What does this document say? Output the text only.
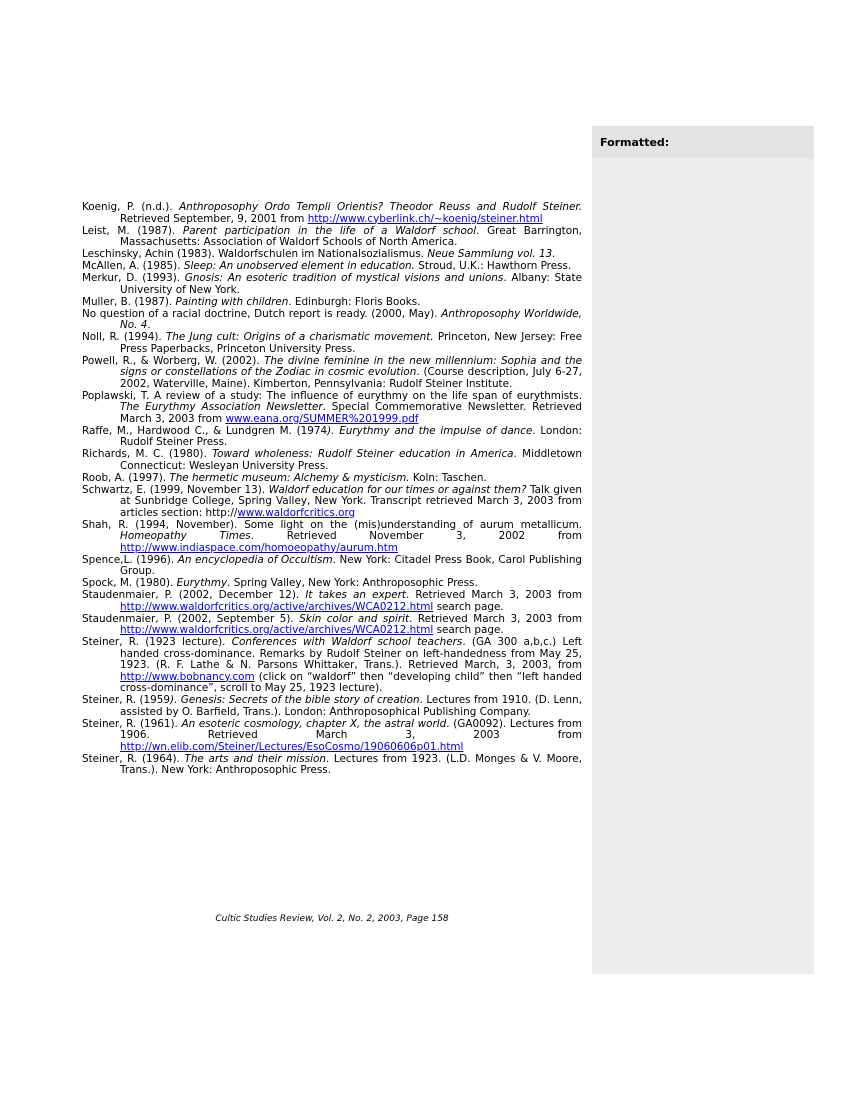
Formatted:

Koenig, P. (n.d.). Anthroposophy Ordo Templi Orientis? Theodor Reuss and Rudolf Steiner. Retrieved September, 9, 2001 from http://www.cyberlink.ch/~koenig/steiner.html

Leist, M. (1987). Parent participation in the life of a Waldorf school. Great Barrington, Massachusetts: Association of Waldorf Schools of North America.

Leschinsky, Achin (1983). Waldorfschulen im Nationalsozialismus. Neue Sammlung vol. 13.

McAllen, A. (1985). Sleep: An unobserved element in education. Stroud, U.K.: Hawthorn Press.

Merkur, D. (1993). Gnosis: An esoteric tradition of mystical visions and unions. Albany: State University of New York.

Muller, B. (1987). Painting with children. Edinburgh: Floris Books.

No question of a racial doctrine, Dutch report is ready. (2000, May). Anthroposophy Worldwide, No. 4.

Noll, R. (1994). The Jung cult: Origins of a charismatic movement. Princeton, New Jersey: Free Press Paperbacks, Princeton University Press.

Powell, R., & Worberg, W. (2002). The divine feminine in the new millennium: Sophia and the signs or constellations of the Zodiac in cosmic evolution. (Course description, July 6-27, 2002, Waterville, Maine). Kimberton, Pennsylvania: Rudolf Steiner Institute.

Poplawski, T. A review of a study: The influence of eurythmy on the life span of eurythmists. The Eurythmy Association Newsletter. Special Commemorative Newsletter. Retrieved March 3, 2003 from www.eana.org/SUMMER%201999.pdf

Raffe, M., Hardwood C., & Lundgren M. (1974). Eurythmy and the impulse of dance. London: Rudolf Steiner Press.

Richards, M. C. (1980). Toward wholeness: Rudolf Steiner education in America. Middletown Connecticut: Wesleyan University Press.

Roob, A. (1997). The hermetic museum: Alchemy & mysticism. Koln: Taschen.

Schwartz, E. (1999, November 13). Waldorf education for our times or against them? Talk given at Sunbridge College, Spring Valley, New York. Transcript retrieved March 3, 2003 from articles section: http://www.waldorfcritics.org

Shah, R. (1994, November). Some light on the (mis)understanding of aurum metallicum. Homeopathy Times. Retrieved November 3, 2002 from http://www.indiaspace.com/homoeopathy/aurum.htm

Spence,L. (1996). An encyclopedia of Occultism. New York: Citadel Press Book, Carol Publishing Group.

Spock, M. (1980). Eurythmy. Spring Valley, New York: Anthroposophic Press.

Staudenmaier, P. (2002, December 12). It takes an expert. Retrieved March 3, 2003 from http://www.waldorfcritics.org/active/archives/WCA0212.html search page.

Staudenmaier, P. (2002, September 5). Skin color and spirit. Retrieved March 3, 2003 from http://www.waldorfcritics.org/active/archives/WCA0212.html search page.

Steiner, R. (1923 lecture). Conferences with Waldorf school teachers. (GA 300 a,b,c.) Left handed cross-dominance. Remarks by Rudolf Steiner on left-handedness from May 25, 1923. (R. F. Lathe & N. Parsons Whittaker, Trans.). Retrieved March, 3, 2003, from http://www.bobnancy.com (click on “waldorf” then “developing child” then “left handed cross-dominance”, scroll to May 25, 1923 lecture).

Steiner, R. (1959). Genesis: Secrets of the bible story of creation. Lectures from 1910. (D. Lenn, assisted by O. Barfield, Trans.). London: Anthroposophical Publishing Company.

Steiner, R. (1961). An esoteric cosmology, chapter X, the astral world. (GA0092). Lectures from 1906. Retrieved March 3, 2003 from http://wn.elib.com/Steiner/Lectures/EsoCosmo/19060606p01.html

Steiner, R. (1964). The arts and their mission. Lectures from 1923. (L.D. Monges & V. Moore, Trans.). New York: Anthroposophic Press.

Cultic Studies Review, Vol. 2, No. 2, 2003, Page 158
